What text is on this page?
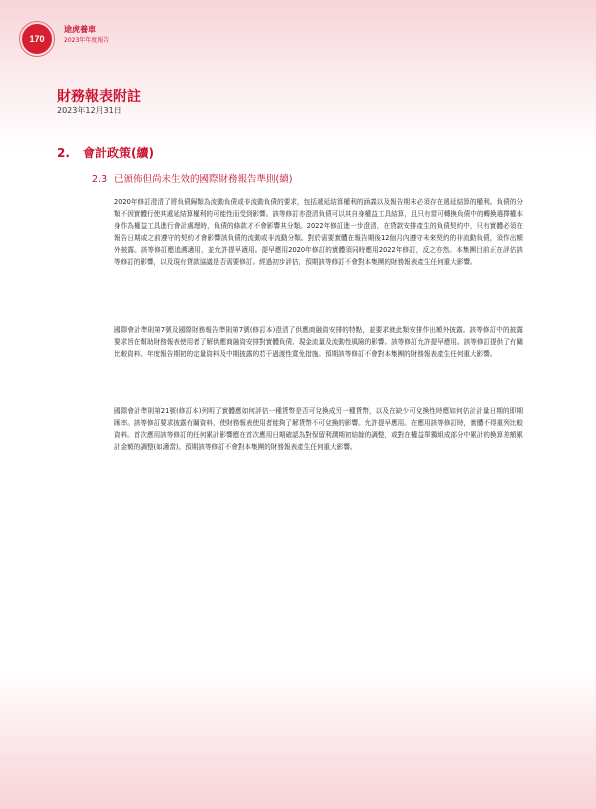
170
途虎養車
2023年年度報告
財務報表附註
2023年12月31日
2. 會計政策(續)
2.3 已頒佈但尚未生效的國際財務報告準則(續)

2020年修訂澄清了將負債歸類為流動負債或非流動負債的要求，包括遞延結算權利的涵義以及報告期末必須存在遞延結算的權利。負債的分類不因實體行使其遞延結算權利的可能性而受到影響。該等修訂亦澄清負債可以其自身權益工具結算，且只有當可轉換負債中的轉換選擇權本身作為權益工具進行會計處理時，負債的條款才不會影響其分類。2022年修訂進一步澄清，在貸款安排產生的負債契約中，只有實體必須在報告日期或之前遵守的契約才會影響該負債的流動或非流動分類。對於需要實體在報告期後12個月內遵守未來契約的非流動負債，須作出額外披露。該等修訂應追溯適用，並允許提早適用。提早應用2020年修訂的實體須同時應用2022年修訂，反之亦然。本集團目前正在評估該等修訂的影響，以及現有貸款協議是否需要修訂。經過初步評估，預期該等修訂不會對本集團的財務報表產生任何重大影響。

國際會計準則第7號及國際財務報告準則第7號(修訂本)澄清了供應商融資安排的特點，並要求就此類安排作出額外披露。該等修訂中的披露要求旨在幫助財務報表使用者了解供應商融資安排對實體負債、現金流量及流動性風險的影響。該等修訂允許提早應用。該等修訂提供了有關比較資料、年度報告期初的定量資料及中期披露的若干過渡性寬免措施。預期該等修訂不會對本集團的財務報表產生任何重大影響。

國際會計準則第21號(修訂本)列明了實體應如何評估一種貨幣是否可兌換成另一種貨幣，以及在缺少可兌換性時應如何估計計量日期的即期匯率。該等修訂要求披露有關資料，使財務報表使用者能夠了解貨幣不可兌換的影響。允許提早應用。在應用該等修訂時，實體不得重列比較資料。首次應用該等修訂的任何累計影響應在首次應用日期確認為對保留利潤期初結餘的調整，或對在權益單獨組成部分中累計的換算差額累計金額的調整(如適當)。預期該等修訂不會對本集團的財務報表產生任何重大影響。
